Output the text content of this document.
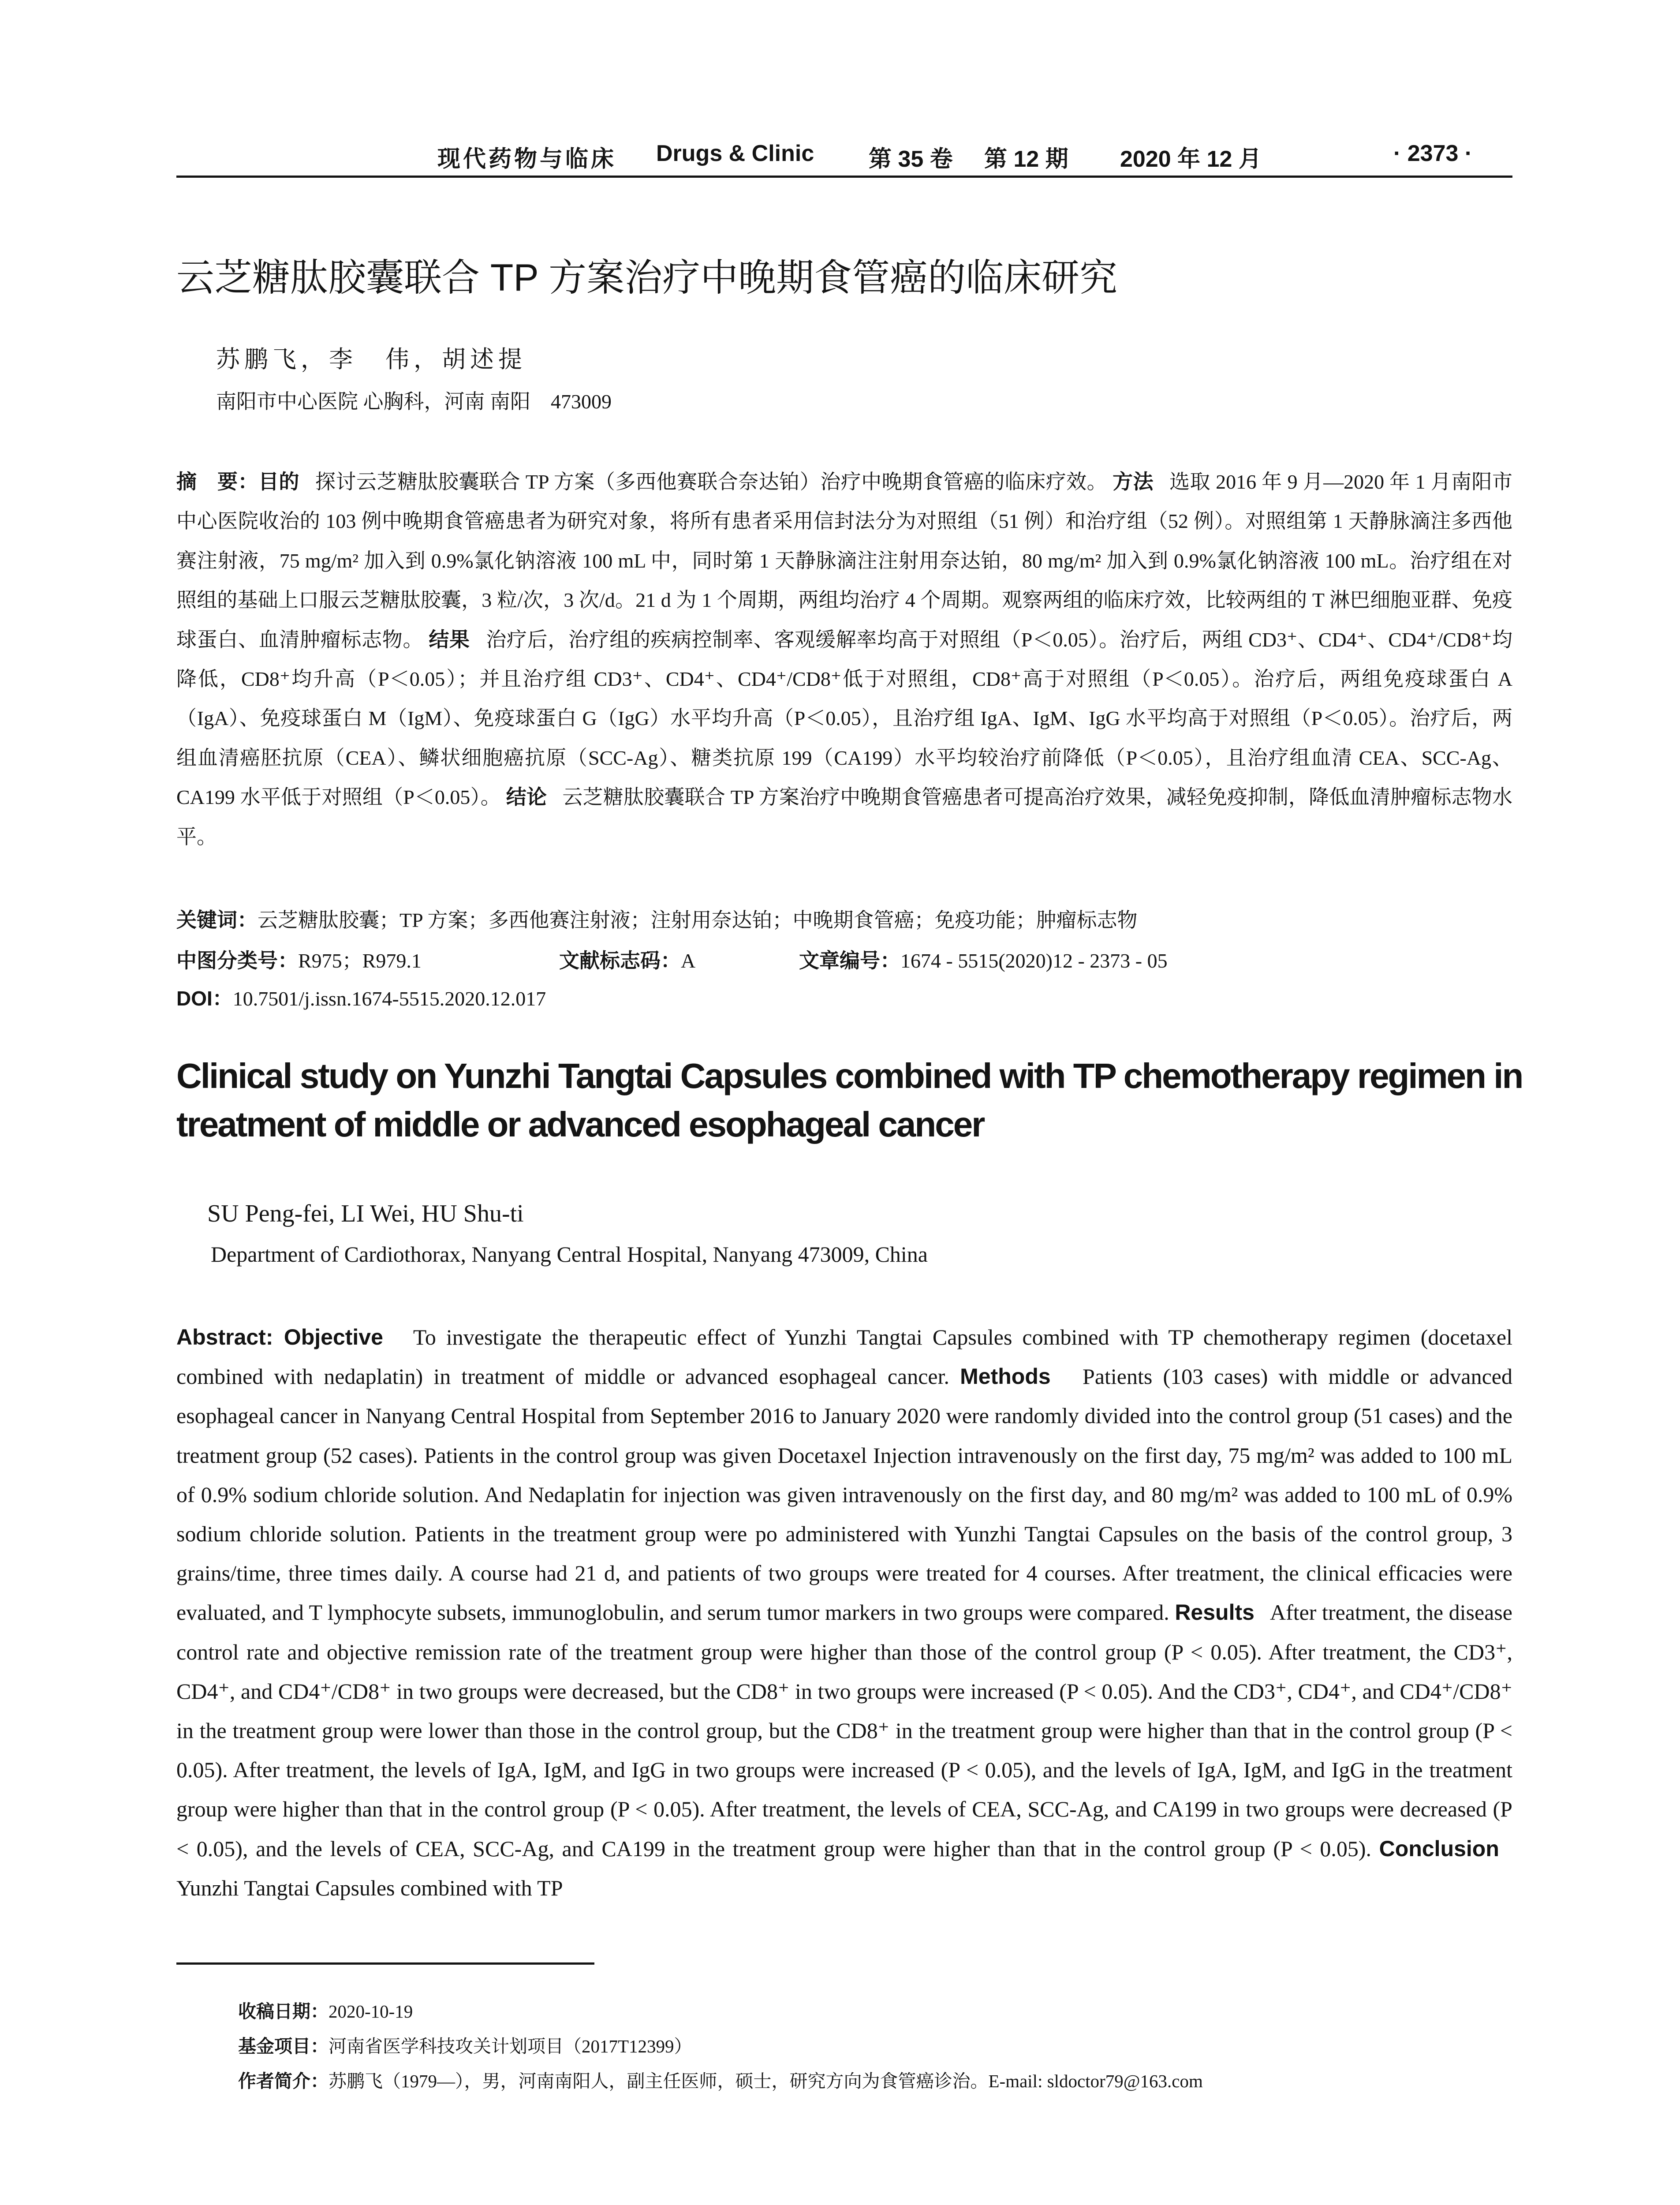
现代药物与临床 Drugs & Clinic 第 35 卷 第 12 期 2020 年 12 月	· 2373 ·
云芝糖肽胶囊联合 TP 方案治疗中晚期食管癌的临床研究
苏鹏飞，李　伟，胡述提
南阳市中心医院 心胸科，河南 南阳　473009
摘　要：目的 探讨云芝糖肽胶囊联合 TP 方案（多西他赛联合奈达铂）治疗中晚期食管癌的临床疗效。 方法 选取 2016 年 9 月—2020 年 1 月南阳市中心医院收治的 103 例中晚期食管癌患者为研究对象，将所有患者采用信封法分为对照组（51 例）和治疗组（52 例）。对照组第 1 天静脉滴注多西他赛注射液，75 mg/m² 加入到 0.9%氯化钠溶液 100 mL 中，同时第 1 天静脉滴注注射用奈达铂，80 mg/m² 加入到 0.9%氯化钠溶液 100 mL。治疗组在对照组的基础上口服云芝糖肽胶囊，3 粒/次，3 次/d。21 d 为 1 个周期，两组均治疗 4 个周期。观察两组的临床疗效，比较两组的 T 淋巴细胞亚群、免疫球蛋白、血清肿瘤标志物。 结果 治疗后，治疗组的疾病控制率、客观缓解率均高于对照组（P＜0.05）。治疗后，两组 CD3⁺、CD4⁺、CD4⁺/CD8⁺均降低，CD8⁺均升高（P＜0.05）；并且治疗组 CD3⁺、CD4⁺、CD4⁺/CD8⁺低于对照组，CD8⁺高于对照组（P＜0.05）。治疗后，两组免疫球蛋白 A（IgA）、免疫球蛋白 M（IgM）、免疫球蛋白 G（IgG）水平均升高（P＜0.05），且治疗组 IgA、IgM、IgG 水平均高于对照组（P＜0.05）。治疗后，两组血清癌胚抗原（CEA）、鳞状细胞癌抗原（SCC-Ag）、糖类抗原 199（CA199）水平均较治疗前降低（P＜0.05），且治疗组血清 CEA、SCC-Ag、CA199 水平低于对照组（P＜0.05）。 结论 云芝糖肽胶囊联合 TP 方案治疗中晚期食管癌患者可提高治疗效果，减轻免疫抑制，降低血清肿瘤标志物水平。
关键词：云芝糖肽胶囊；TP 方案；多西他赛注射液；注射用奈达铂；中晚期食管癌；免疫功能；肿瘤标志物
中图分类号：R975；R979.1	文献标志码：A	文章编号：1674 - 5515(2020)12 - 2373 - 05
DOI：10.7501/j.issn.1674-5515.2020.12.017
Clinical study on Yunzhi Tangtai Capsules combined with TP chemotherapy regimen in treatment of middle or advanced esophageal cancer
SU Peng-fei, LI Wei, HU Shu-ti
Department of Cardiothorax, Nanyang Central Hospital, Nanyang 473009, China
Abstract: Objective To investigate the therapeutic effect of Yunzhi Tangtai Capsules combined with TP chemotherapy regimen (docetaxel combined with nedaplatin) in treatment of middle or advanced esophageal cancer. Methods Patients (103 cases) with middle or advanced esophageal cancer in Nanyang Central Hospital from September 2016 to January 2020 were randomly divided into the control group (51 cases) and the treatment group (52 cases). Patients in the control group was given Docetaxel Injection intravenously on the first day, 75 mg/m² was added to 100 mL of 0.9% sodium chloride solution. And Nedaplatin for injection was given intravenously on the first day, and 80 mg/m² was added to 100 mL of 0.9% sodium chloride solution. Patients in the treatment group were po administered with Yunzhi Tangtai Capsules on the basis of the control group, 3 grains/time, three times daily. A course had 21 d, and patients of two groups were treated for 4 courses. After treatment, the clinical efficacies were evaluated, and T lymphocyte subsets, immunoglobulin, and serum tumor markers in two groups were compared. Results After treatment, the disease control rate and objective remission rate of the treatment group were higher than those of the control group (P < 0.05). After treatment, the CD3⁺, CD4⁺, and CD4⁺/CD8⁺ in two groups were decreased, but the CD8⁺ in two groups were increased (P < 0.05). And the CD3⁺, CD4⁺, and CD4⁺/CD8⁺ in the treatment group were lower than those in the control group, but the CD8⁺ in the treatment group were higher than that in the control group (P < 0.05). After treatment, the levels of IgA, IgM, and IgG in two groups were increased (P < 0.05), and the levels of IgA, IgM, and IgG in the treatment group were higher than that in the control group (P < 0.05). After treatment, the levels of CEA, SCC-Ag, and CA199 in two groups were decreased (P < 0.05), and the levels of CEA, SCC-Ag, and CA199 in the treatment group were higher than that in the control group (P < 0.05). Conclusion   Yunzhi Tangtai Capsules combined with TP
收稿日期：2020-10-19
基金项目：河南省医学科技攻关计划项目（2017T12399）
作者简介：苏鹏飞（1979—），男，河南南阳人，副主任医师，硕士，研究方向为食管癌诊治。E-mail: sldoctor79@163.com
